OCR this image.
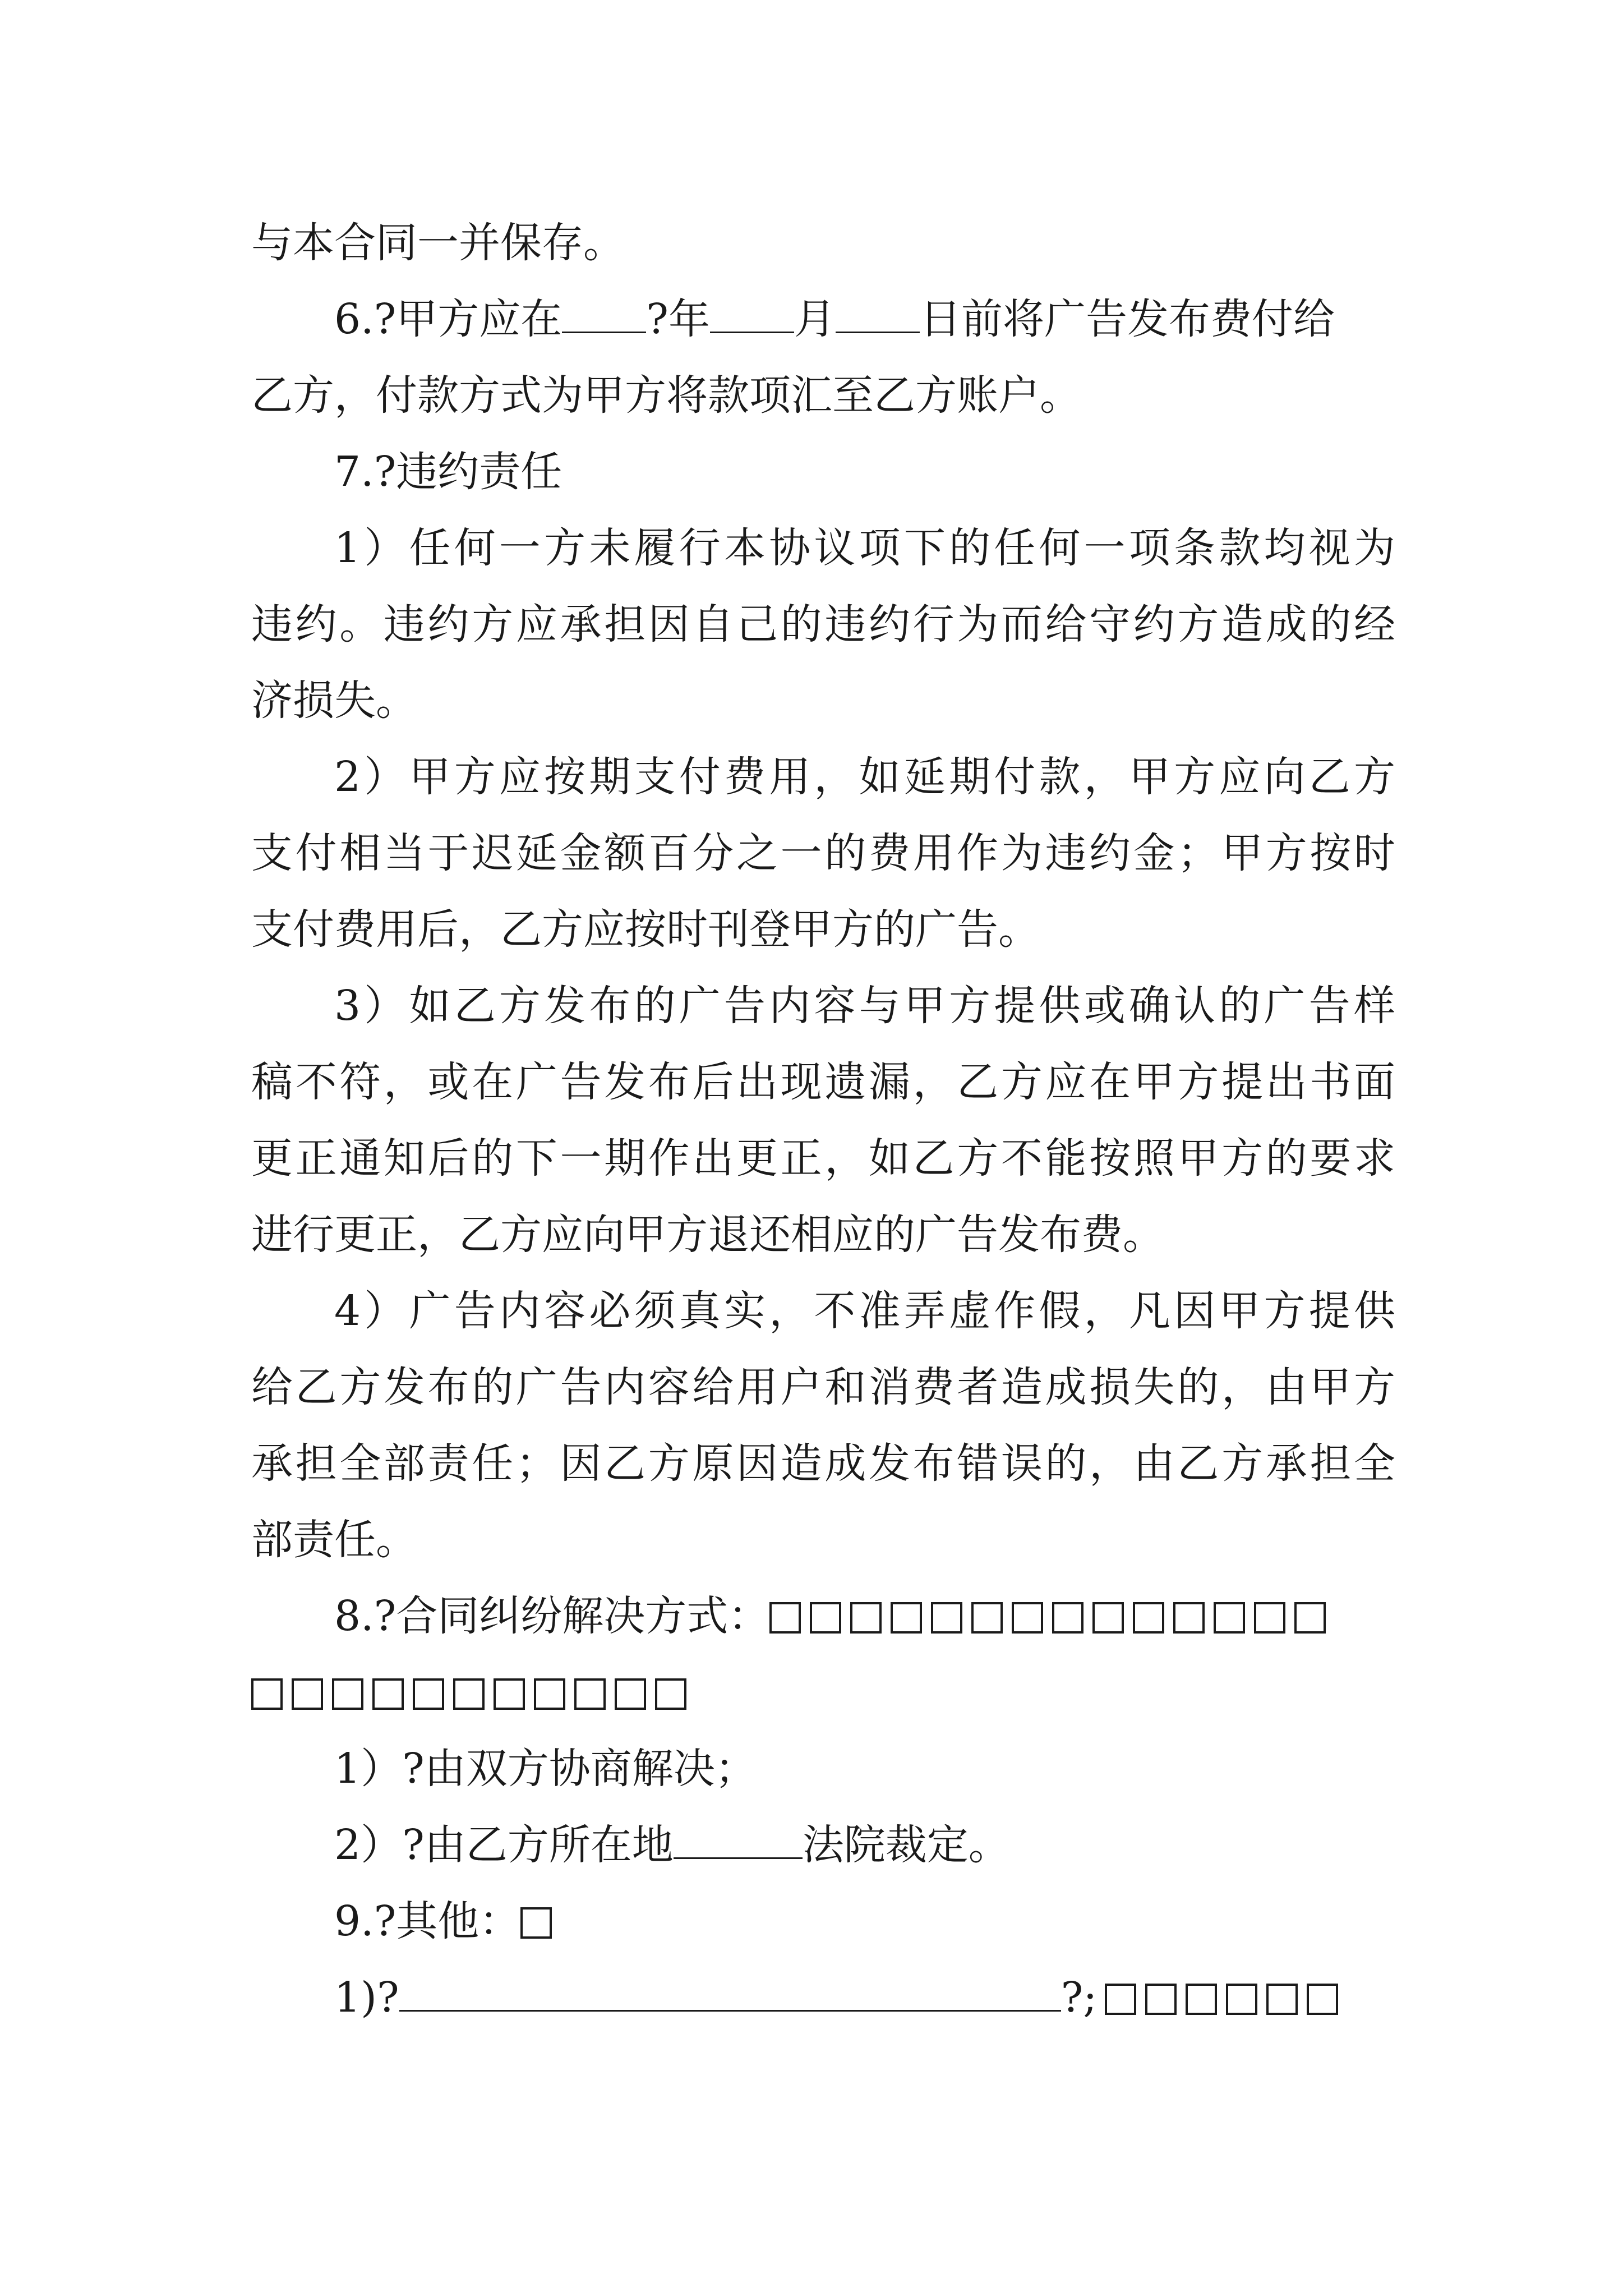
与本合同一并保存。
6.?甲方应在 ?年 月 日前将广告发布费付给
乙方，付款方式为甲方将款项汇至乙方账户。
7.?违约责任
1）任何一方未履行本协议项下的任何一项条款均视为
违约。违约方应承担因自己的违约行为而给守约方造成的经
济损失。
2）甲方应按期支付费用，如延期付款，甲方应向乙方
支付相当于迟延金额百分之一的费用作为违约金；甲方按时
支付费用后，乙方应按时刊登甲方的广告。
3）如乙方发布的广告内容与甲方提供或确认的广告样
稿不符，或在广告发布后出现遗漏，乙方应在甲方提出书面
更正通知后的下一期作出更正，如乙方不能按照甲方的要求
进行更正，乙方应向甲方退还相应的广告发布费。
4）广告内容必须真实，不准弄虚作假，凡因甲方提供
给乙方发布的广告内容给用户和消费者造成损失的，由甲方
承担全部责任；因乙方原因造成发布错误的，由乙方承担全
部责任。
8.?合同纠纷解决方式：
1）?由双方协商解决；
2）?由乙方所在地	法院裁定。
9.?其他：
1)?	?;
